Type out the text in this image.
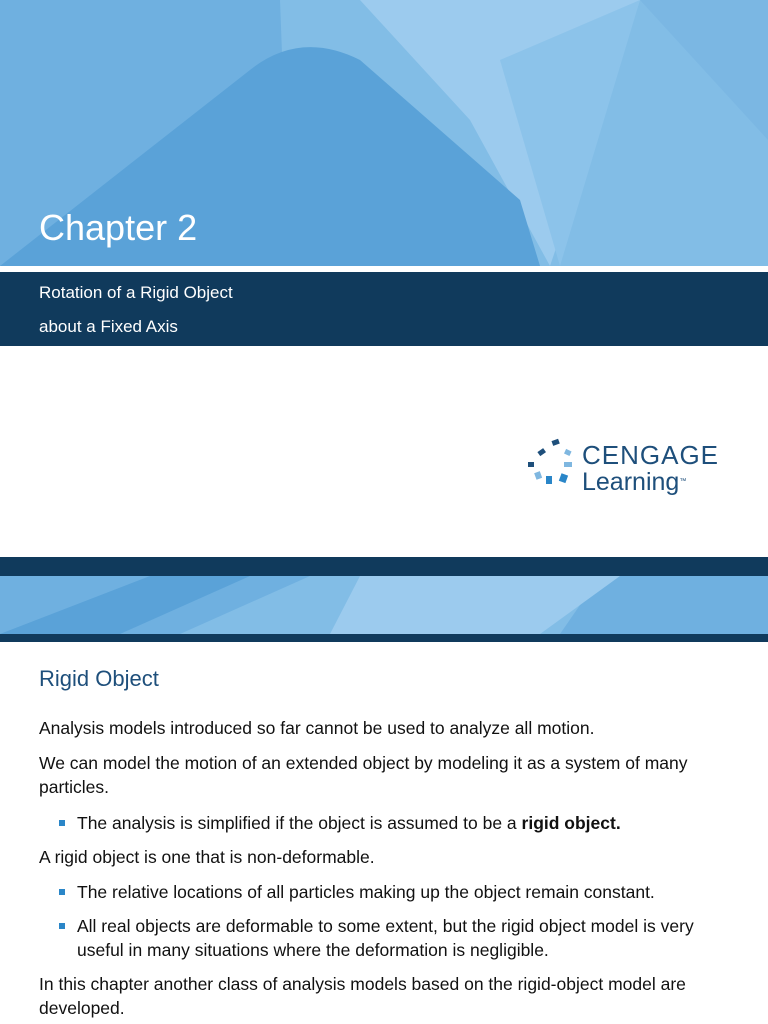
Chapter 2
Rotation of a Rigid Object
about a Fixed Axis
CENGAGE
Learning™
Rigid Object
Analysis models introduced so far cannot be used to analyze all motion.
We can model the motion of an extended object by modeling it as a system of many particles.
The analysis is simplified if the object is assumed to be a rigid object.
A rigid object is one that is non-deformable.
The relative locations of all particles making up the object remain constant.
All real objects are deformable to some extent, but the rigid object model is very useful in many situations where the deformation is negligible.
In this chapter another class of analysis models based on the rigid-object model are developed.
